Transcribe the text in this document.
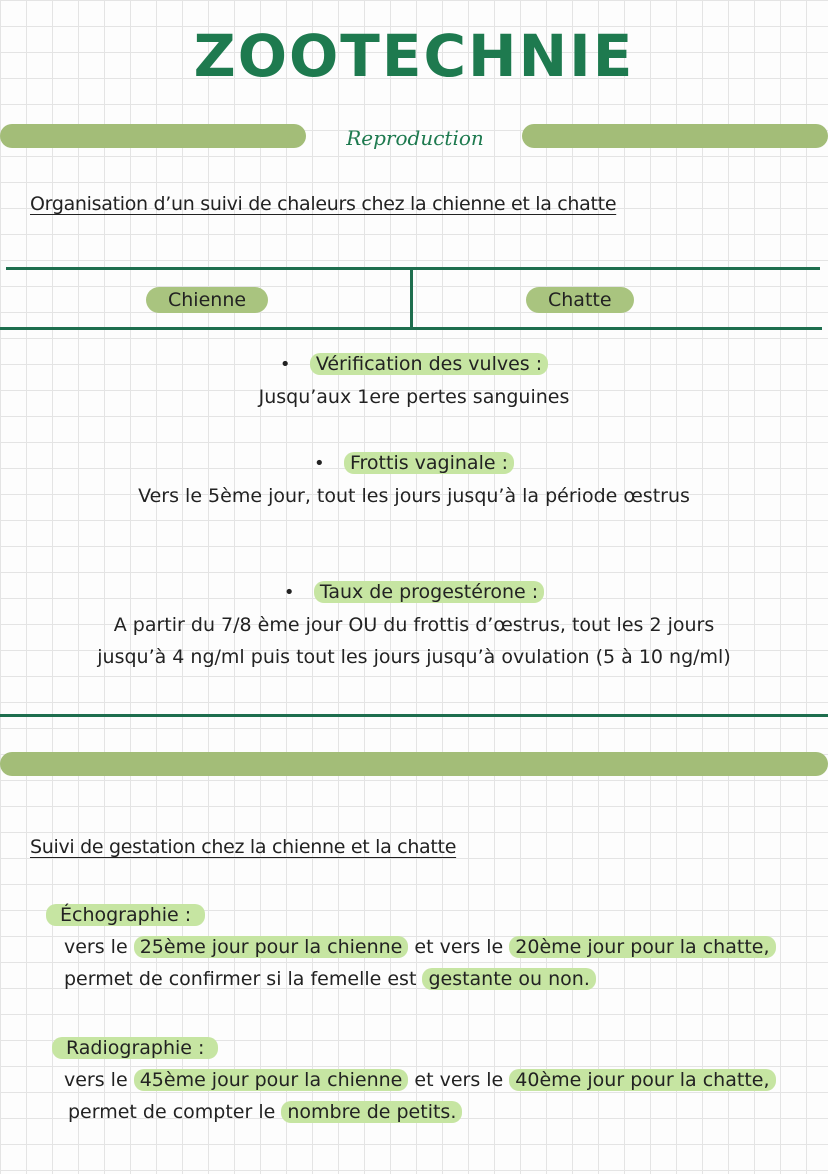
ZOOTECHNIE
Reproduction
Organisation d’un suivi de chaleurs chez la chienne et la chatte
Chienne	Chatte
• Vérification des vulves :
Jusqu’aux 1ere pertes sanguines
• Frottis vaginale :
Vers le 5ème jour, tout les jours jusqu’à la période œstrus
• Taux de progestérone :
A partir du 7/8 ème jour OU du frottis d’œstrus, tout les 2 jours
jusqu’à 4 ng/ml puis tout les jours jusqu’à ovulation (5 à 10 ng/ml)
Suivi de gestation chez la chienne et la chatte
Échographie :
vers le 25ème jour pour la chienne et vers le 20ème jour pour la chatte,
permet de confirmer si la femelle est gestante ou non.
Radiographie :
vers le 45ème jour pour la chienne et vers le 40ème jour pour la chatte,
permet de compter le nombre de petits.
